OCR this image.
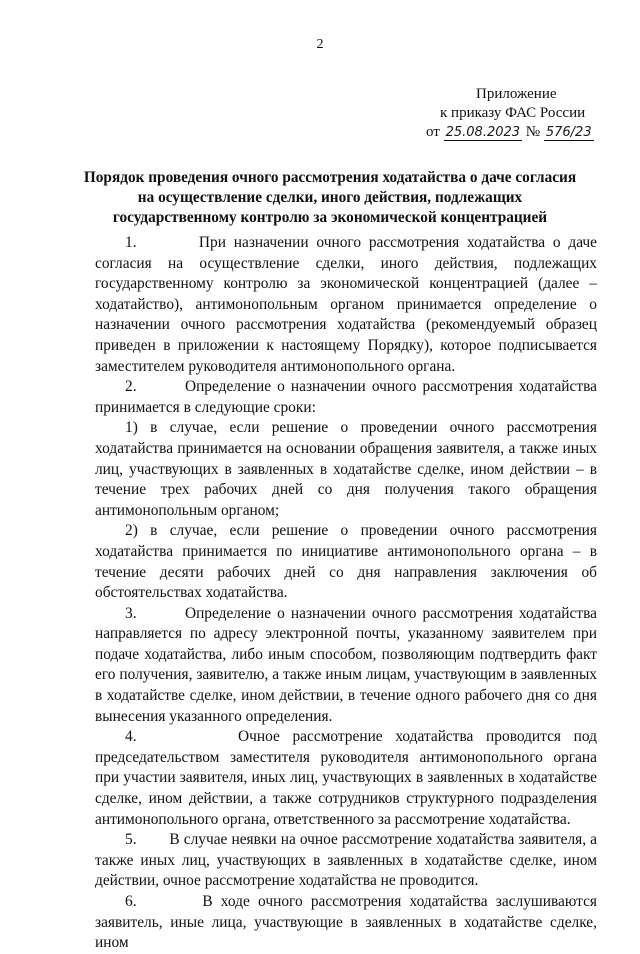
2
Приложение
к приказу ФАС России
от 25.08.2023 № 576/23
Порядок проведения очного рассмотрения ходатайства о даче согласия
на осуществление сделки, иного действия, подлежащих
государственному контролю за экономической концентрацией

1.        При назначении очного рассмотрения ходатайства о даче согласия на осуществление сделки, иного действия, подлежащих государственному контролю за экономической концентрацией (далее – ходатайство), антимонопольным органом принимается определение о назначении очного рассмотрения ходатайства (рекомендуемый образец приведен в приложении к настоящему Порядку), которое подписывается заместителем руководителя антимонопольного органа.

2.        Определение о назначении очного рассмотрения ходатайства принимается в следующие сроки:

1) в случае, если решение о проведении очного рассмотрения ходатайства принимается на основании обращения заявителя, а также иных лиц, участвующих в заявленных в ходатайстве сделке, ином действии – в течение трех рабочих дней со дня получения такого обращения антимонопольным органом;

2) в случае, если решение о проведении очного рассмотрения ходатайства принимается по инициативе антимонопольного органа – в течение десяти рабочих дней со дня направления заключения об обстоятельствах ходатайства.

3.        Определение о назначении очного рассмотрения ходатайства направляется по адресу электронной почты, указанному заявителем при подаче ходатайства, либо иным способом, позволяющим подтвердить факт его получения, заявителю, а также иным лицам, участвующим в заявленных в ходатайстве сделке, ином действии, в течение одного рабочего дня со дня вынесения указанного определения.

4.        Очное рассмотрение ходатайства проводится под председательством заместителя руководителя антимонопольного органа при участии заявителя, иных лиц, участвующих в заявленных в ходатайстве сделке, ином действии, а также сотрудников структурного подразделения антимонопольного органа, ответственного за рассмотрение ходатайства.

5.        В случае неявки на очное рассмотрение ходатайства заявителя, а также иных лиц, участвующих в заявленных в ходатайстве сделке, ином действии, очное рассмотрение ходатайства не проводится.

6.        В ходе очного рассмотрения ходатайства заслушиваются заявитель, иные лица, участвующие в заявленных в ходатайстве сделке, ином
